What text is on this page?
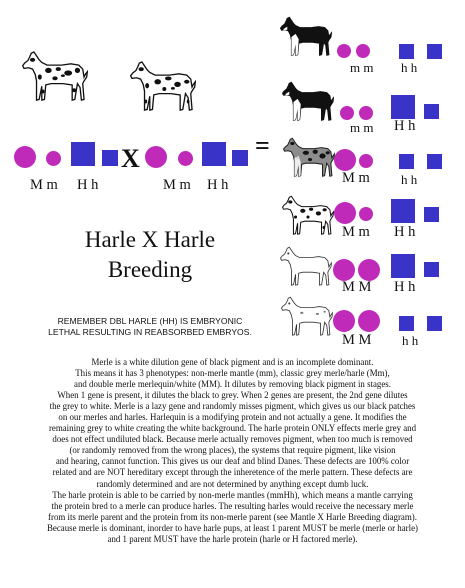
M m H h
X
M m H h
=
m m h h
m m H h
M m h h
M m H h
M M H h
M M h h
Harle X Harle
Breeding
REMEMBER DBL HARLE (HH) IS EMBRYONIC
LETHAL RESULTING IN REABSORBED EMBRYOS.
Merle is a white dilution gene of black pigment and is an incomplete dominant.
This means it has 3 phenotypes: non-merle mantle (mm), classic grey merle/harle (Mm),
and double merle merlequin/white (MM). It dilutes by removing black pigment in stages.
When 1 gene is present, it dilutes the black to grey. When 2 genes are present, the 2nd gene dilutes
the grey to white. Merle is a lazy gene and randomly misses pigment, which gives us our black patches
on our merles and harles. Harlequin is a modifying protein and not actually a gene. It modifies the
remaining grey to white creating the white background. The harle protein ONLY effects merle grey and
does not effect undiluted black. Because merle actually removes pigment, when too much is removed
(or randomly removed from the wrong places), the systems that require pigment, like vision
and hearing, cannot function. This gives us our deaf and blind Danes. These defects are 100% color
related and are NOT hereditary except through the inheretence of the merle pattern. These defects are
randomly determined and are not determined by anything except dumb luck.
The harle protein is able to be carried by non-merle mantles (mmHh), which means a mantle carrying
the protein bred to a merle can produce harles. The resulting harles would receive the necessary merle
from its merle parent and the protein from its non-merle parent (see Mantle X Harle Breeding diagram).
Because merle is dominant, inorder to have harle pups, at least 1 parent MUST be merle (merle or harle)
and 1 parent MUST have the harle protein (harle or H factored merle).
